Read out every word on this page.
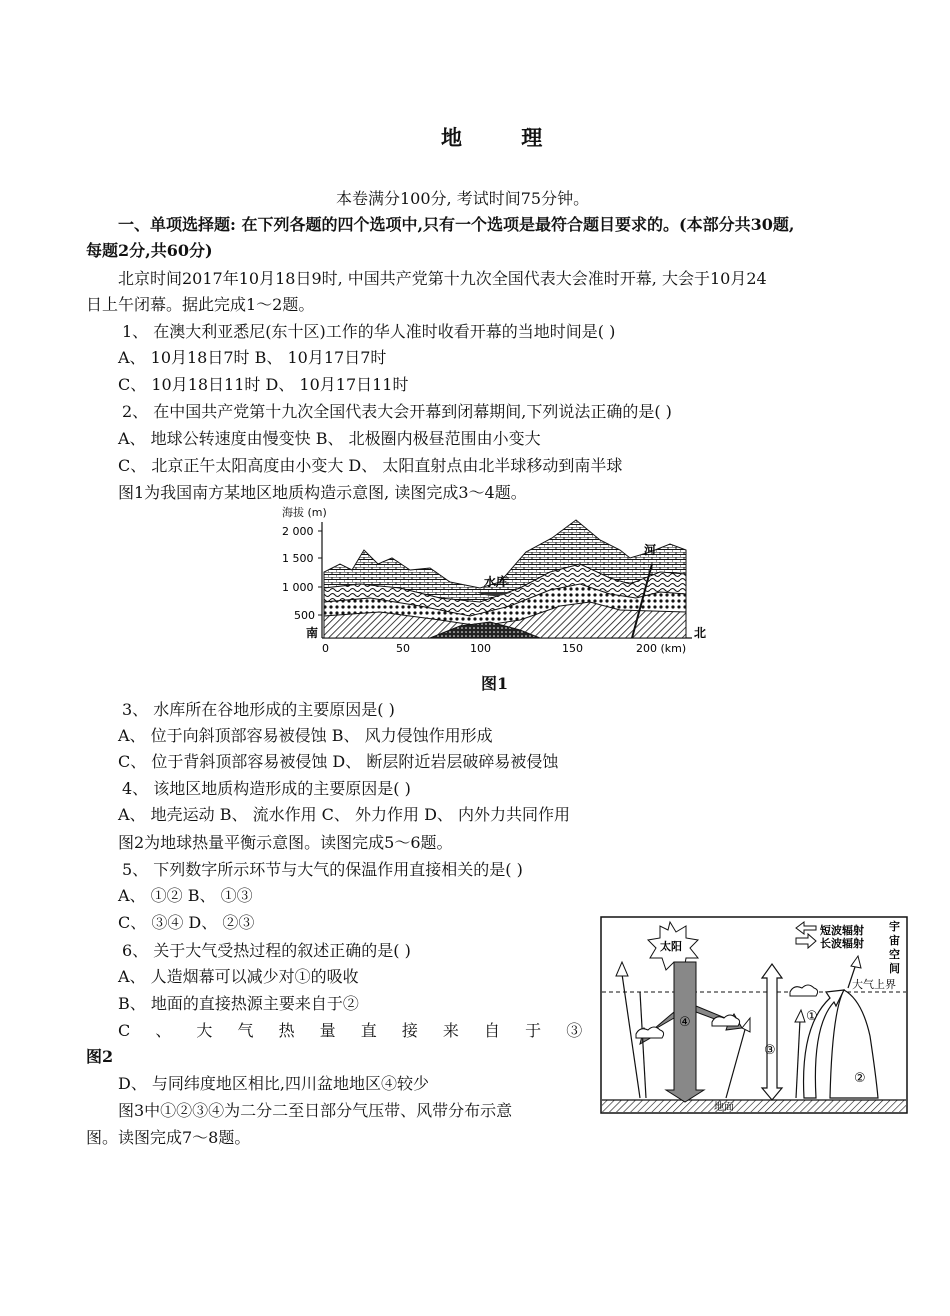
地 理
本卷满分100分, 考试时间75分钟。
一、单项选择题: 在下列各题的四个选项中,只有一个选项是最符合题目要求的。(本部分共30题,
每题2分,共60分)
北京时间2017年10月18日9时, 中国共产党第十九次全国代表大会准时开幕, 大会于10月24
日上午闭幕。据此完成1～2题。
1、 在澳大利亚悉尼(东十区)工作的华人准时收看开幕的当地时间是( )
A、 10月18日7时 B、 10月17日7时
C、 10月18日11时 D、 10月17日11时
2、 在中国共产党第十九次全国代表大会开幕到闭幕期间,下列说法正确的是( )
A、 地球公转速度由慢变快 B、 北极圈内极昼范围由小变大
C、 北京正午太阳高度由小变大 D、 太阳直射点由北半球移动到南半球
图1为我国南方某地区地质构造示意图, 读图完成3～4题。
海拔 (m)
2 000
1 500
1 000
500
南	北
0	50	100	150	200 (km)
水库
河
图1
3、 水库所在谷地形成的主要原因是( )
A、 位于向斜顶部容易被侵蚀 B、 风力侵蚀作用形成
C、 位于背斜顶部容易被侵蚀 D、 断层附近岩层破碎易被侵蚀
4、 该地区地质构造形成的主要原因是( )
A、 地壳运动 B、 流水作用 C、 外力作用 D、 内外力共同作用
图2为地球热量平衡示意图。读图完成5～6题。
5、 下列数字所示环节与大气的保温作用直接相关的是( )
A、 ①② B、 ①③
C、 ③④ D、 ②③
6、 关于大气受热过程的叙述正确的是( )
A、 人造烟幕可以减少对①的吸收
B、 地面的直接热源主要来自于②
C 、 大 气 热 量 直 接 来 自 于 ③
图2
D、 与同纬度地区相比,四川盆地地区④较少
图3中①②③④为二分二至日部分气压带、风带分布示意
图。读图完成7～8题。
地面
太阳
④
③
①
②
短波辐射
长波辐射
宇
宙
空
间
大气上界
